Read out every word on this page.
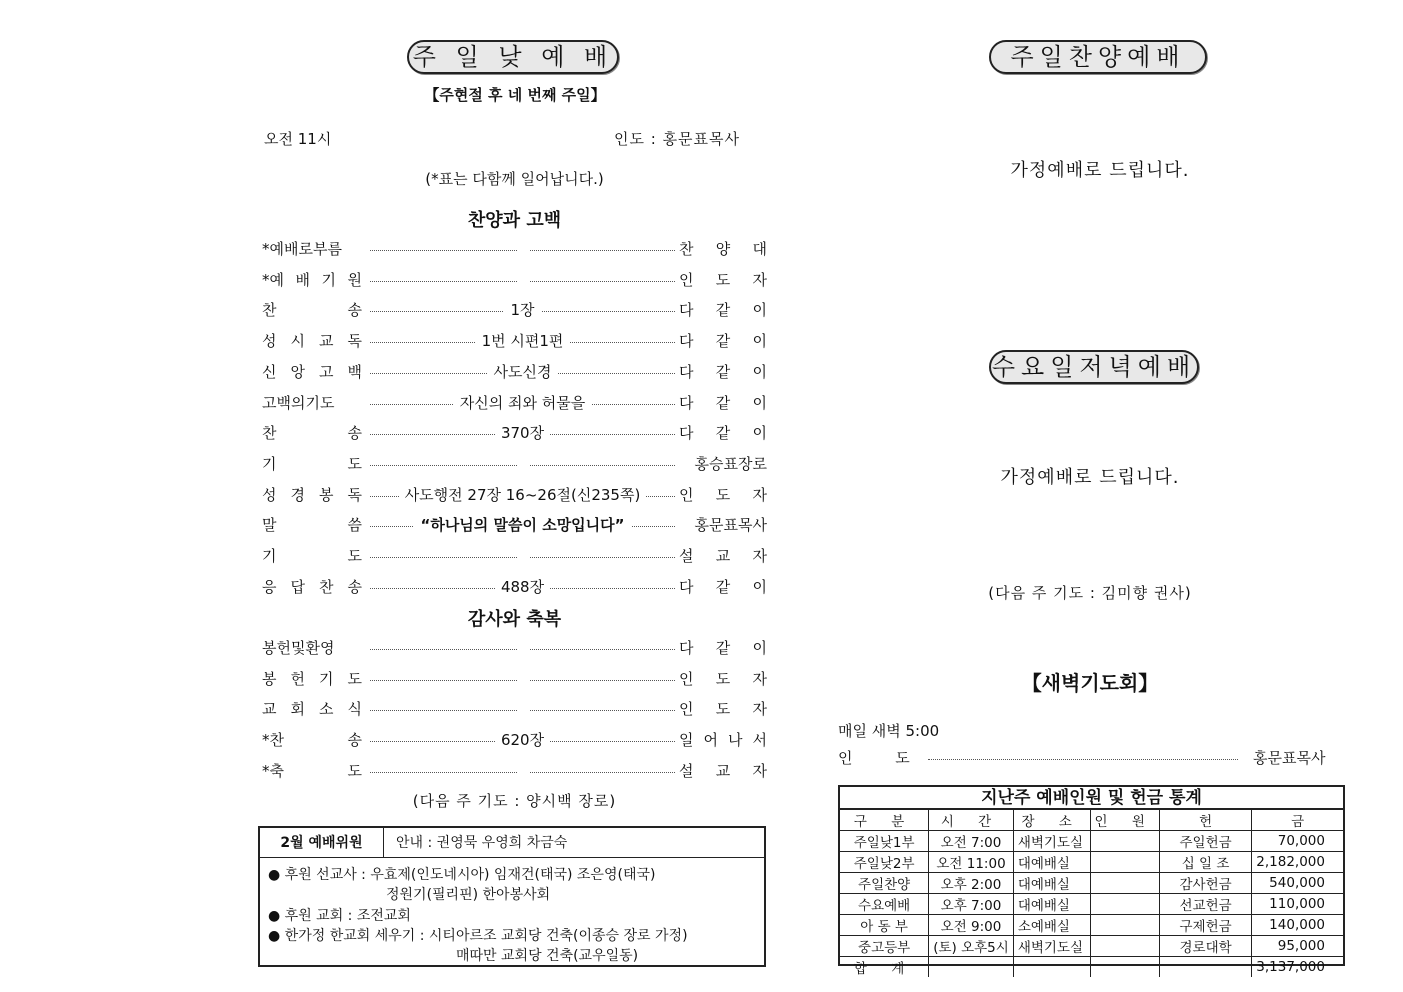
주 일 낮 예 배
【주현절 후 네 번째 주일】
오전 11시	인도 : 홍문표목사
(*표는 다함께 일어납니다.)
찬양과 고백
*예배로부름	찬 양 대
*예 배 기 원	인 도 자
찬	송	1장	다 같 이
성 시 교 독	1번 시편1편	다 같 이
신 앙 고 백	사도신경	다 같 이
고백의기도	자신의 죄와 허물을	다 같 이
찬	송	370장	다 같 이
기	도	홍승표장로
성 경 봉 독	사도행전 27장 16~26절(신235쪽)	인 도 자
말	씀	“하나님의 말씀이 소망입니다”	홍문표목사
기	도	설 교 자
응 답 찬 송	488장	다 같 이
감사와 축복
봉헌및환영	다 같 이
봉 헌 기 도	인 도 자
교 회 소 식	인 도 자
*찬	송	620장	일 어 나 서
*축	도	설 교 자
(다음 주 기도 : 양시백 장로)
2월 예배위원	안내 : 권영묵 우영희 차금숙
● 후원 선교사 : 우효제(인도네시아) 임재건(태국) 조은영(태국)
정원기(필리핀) 한아봉사회
● 후원 교회 : 조전교회
● 한가정 한교회 세우기 : 시티아르조 교회당 건축(이종승 장로 가정)
매따만 교회당 건축(교우일동)
주일찬양예배
가정예배로 드립니다.
수요일저녁예배
가정예배로 드립니다.
(다음 주 기도 : 김미향 권사)
【새벽기도회】
매일 새벽 5:00
인 도	홍문표목사
지난주 예배인원 및 헌금 통계
구 분	시 간	장 소	인 원	헌	금
주일낮1부	오전 7:00	새벽기도실		주일헌금	70,000
주일낮2부	오전 11:00	대예배실		십 일 조	2,182,000
주일찬양	오후 2:00	대예배실		감사헌금	540,000
수요예배	오후 7:00	대예배실		선교헌금	110,000
아 동 부	오전 9:00	소예배실		구제헌금	140,000
중고등부	(토) 오후5시	새벽기도실		경로대학	95,000
합 계					3,137,000
